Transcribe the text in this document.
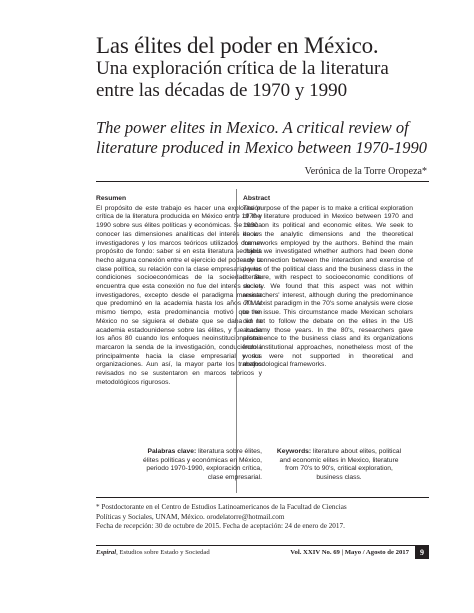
Las élites del poder en México.
Una exploración crítica de la literatura
entre las décadas de 1970 y 1990
The power elites in Mexico. A critical review of
literature produced in Mexico between 1970-1990
Verónica de la Torre Oropeza*
Resumen

El propósito de este trabajo es hacer una exploración crítica de la literatura producida en México entre 1970 y 1990 sobre sus élites políticas y económicas. Se busca conocer las dimensiones analíticas del interés de los investigadores y los marcos teóricos utilizados con un propósito de fondo: saber si en esta literatura se había hecho alguna conexión entre el ejercicio del poder de la clase política, su relación con la clase empresarial y las condiciones socioeconómicas de la sociedad. Se encuentra que esta conexión no fue del interés de los investigadores, excepto desde el paradigma marxista que predominó en la academia hasta los años 70. Al mismo tiempo, esta predominancia motivó que en México no se siguiera el debate que se daba en la academia estadounidense sobre las élites, y fue hacia los años 80 cuando los enfoques neoinstitucionalistas marcaron la senda de la investigación, conduciéndola principalmente hacia la clase empresarial y sus organizaciones. Aun así, la mayor parte los trabajos revisados no se sustentaron en marcos teóricos y metodológicos rigurosos.

Abstract

The purpose of the paper is to make a critical exploration of the literature produced in Mexico between 1970 and 1990 on its political and economic elites. We seek to know the analytic dimensions and the theoretical frameworks employed by the authors. Behind the main object we investigated whether authors had been done any connection between the interaction and exercise of power of the political class and the business class in the literature, with respect to socioeconomic conditions of society. We found that this aspect was not within researchers' interest, although during the predominance of Marxist paradigm in the 70's some analysis were close to the issue. This circumstance made Mexican scholars did not to follow the debate on the elites in the US academy those years. In the 80's, researchers gave prominence to the business class and its organizations from institutional approaches, nonetheless most of the works were not supported in theoretical and methodological frameworks.

Palabras clave: literatura sobre élites,
élites políticas y económicas en México,
periodo 1970-1990, exploración crítica,
clase empresarial.
Keywords: literature about elites, political
and economic elites in Mexico, literature
from 70's to 90's, critical exploration,
business class.

* Postdoctorante en el Centro de Estudios Latinoamericanos de la Facultad de Ciencias

Políticas y Sociales, UNAM, México. orodelatorre@hotmail.com

Fecha de recepción: 30 de octubre de 2015. Fecha de aceptación: 24 de enero de 2017.

Espiral, Estudios sobre Estado y Sociedad	Vol. XXIV No. 69 | Mayo / Agosto de 2017	9
